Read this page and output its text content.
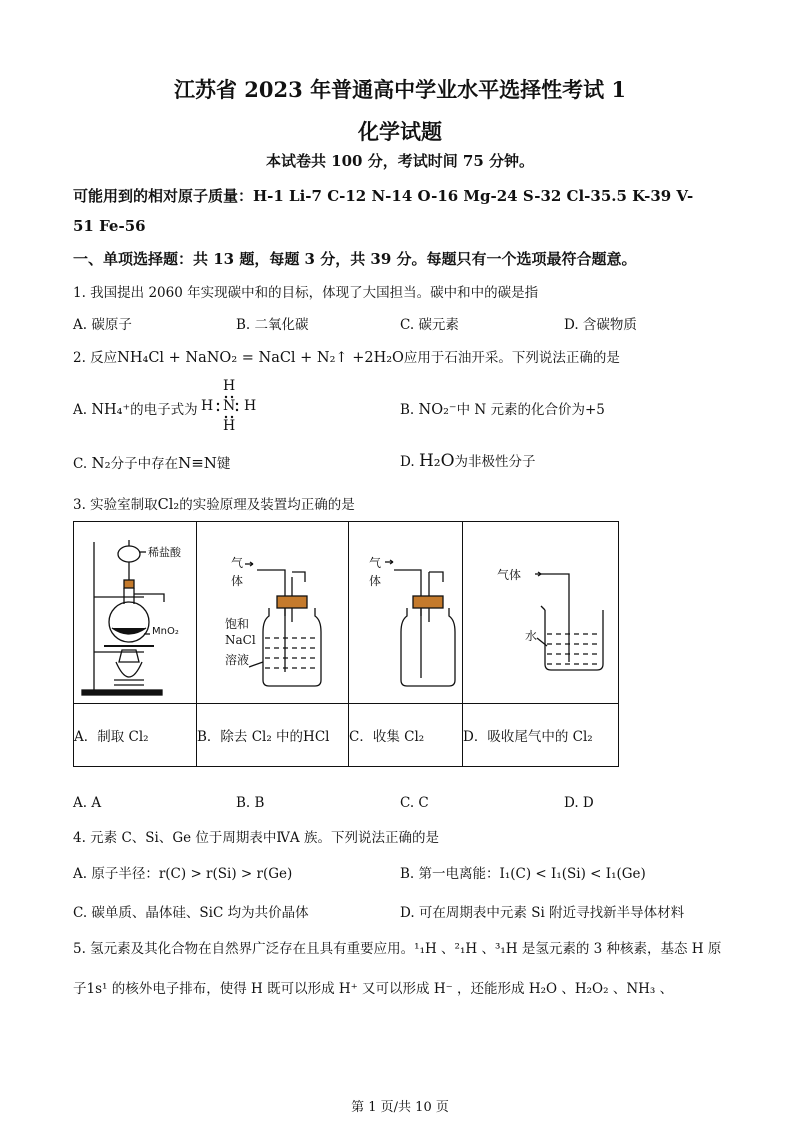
江苏省 2023 年普通高中学业水平选择性考试 1
化学试题
本试卷共 100 分，考试时间 75 分钟。
可能用到的相对原子质量：H-1 Li-7 C-12 N-14 O-16 Mg-24 S-32 Cl-35.5 K-39 V-
51 Fe-56
一、单项选择题：共 13 题，每题 3 分，共 39 分。每题只有一个选项最符合题意。
1. 我国提出 2060 年实现碳中和的目标，体现了大国担当。碳中和中的碳是指
A. 碳原子	B. 二氧化碳	C. 碳元素	D. 含碳物质
2. 反应NH₄Cl + NaNO₂ = NaCl + N₂↑ +2H₂O应用于石油开采。下列说法正确的是
A. NH₄⁺的电子式为
H
H N H
H
B. NO₂⁻中 N 元素的化合价为+5
C. N₂分子中存在N≡N键	D. H₂O为非极性分子
3. 实验室制取Cl₂的实验原理及装置均正确的是
稀盐酸
MnO₂	气
体
饱和
NaCl
溶液	气
体	气体
水

A．制取 Cl₂	B．除去 Cl₂ 中的HCl	C．收集 Cl₂	D．吸收尾气中的 Cl₂
A. A	B. B	C. C	D. D
4. 元素 C、Si、Ge 位于周期表中ⅣA 族。下列说法正确的是
A. 原子半径：r(C) > r(Si) > r(Ge)	B. 第一电离能：I₁(C) < I₁(Si) < I₁(Ge)
C. 碳单质、晶体硅、SiC 均为共价晶体	D. 可在周期表中元素 Si 附近寻找新半导体材料
5. 氢元素及其化合物在自然界广泛存在且具有重要应用。¹₁H 、²₁H 、³₁H 是氢元素的 3 种核素，基态 H 原
子1s¹ 的核外电子排布，使得 H 既可以形成 H⁺ 又可以形成 H⁻ ，还能形成 H₂O 、H₂O₂ 、NH₃ 、
第 1 页/共 10 页
